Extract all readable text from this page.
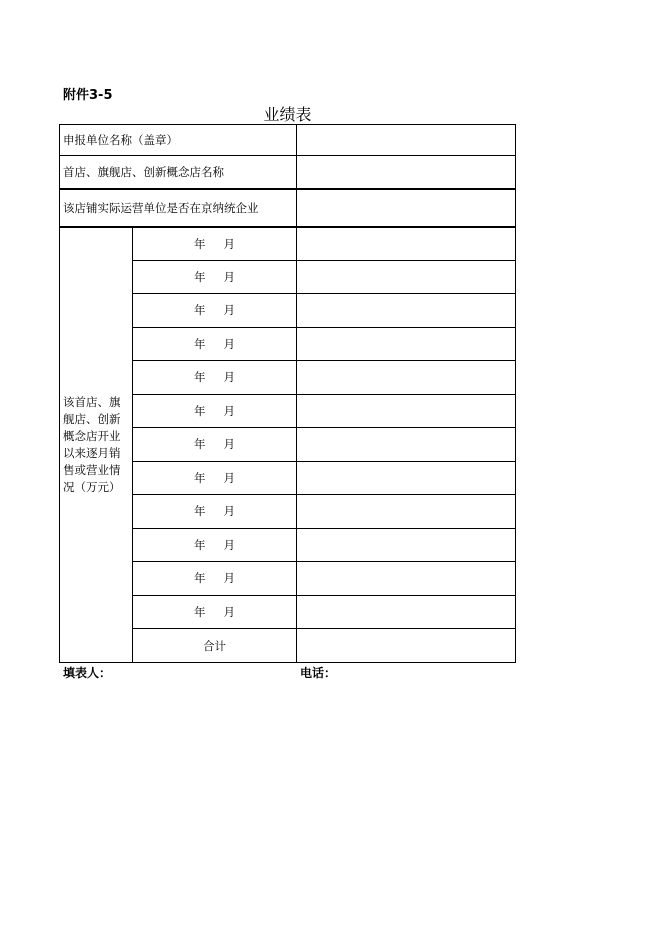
附件3-5
业绩表
申报单位名称（盖章）		
首店、旗舰店、创新概念店名称		
该店铺实际运营单位是否在京纳统企业		
该首店、旗舰店、创新概念店开业以来逐月销售或营业情况（万元）	年 月	
	年 月	
	年 月	
	年 月	
	年 月	
	年 月	
	年 月	
	年 月	
	年 月	
	年 月	
	年 月	
	年 月	
	合计	
填表人：	电话：
